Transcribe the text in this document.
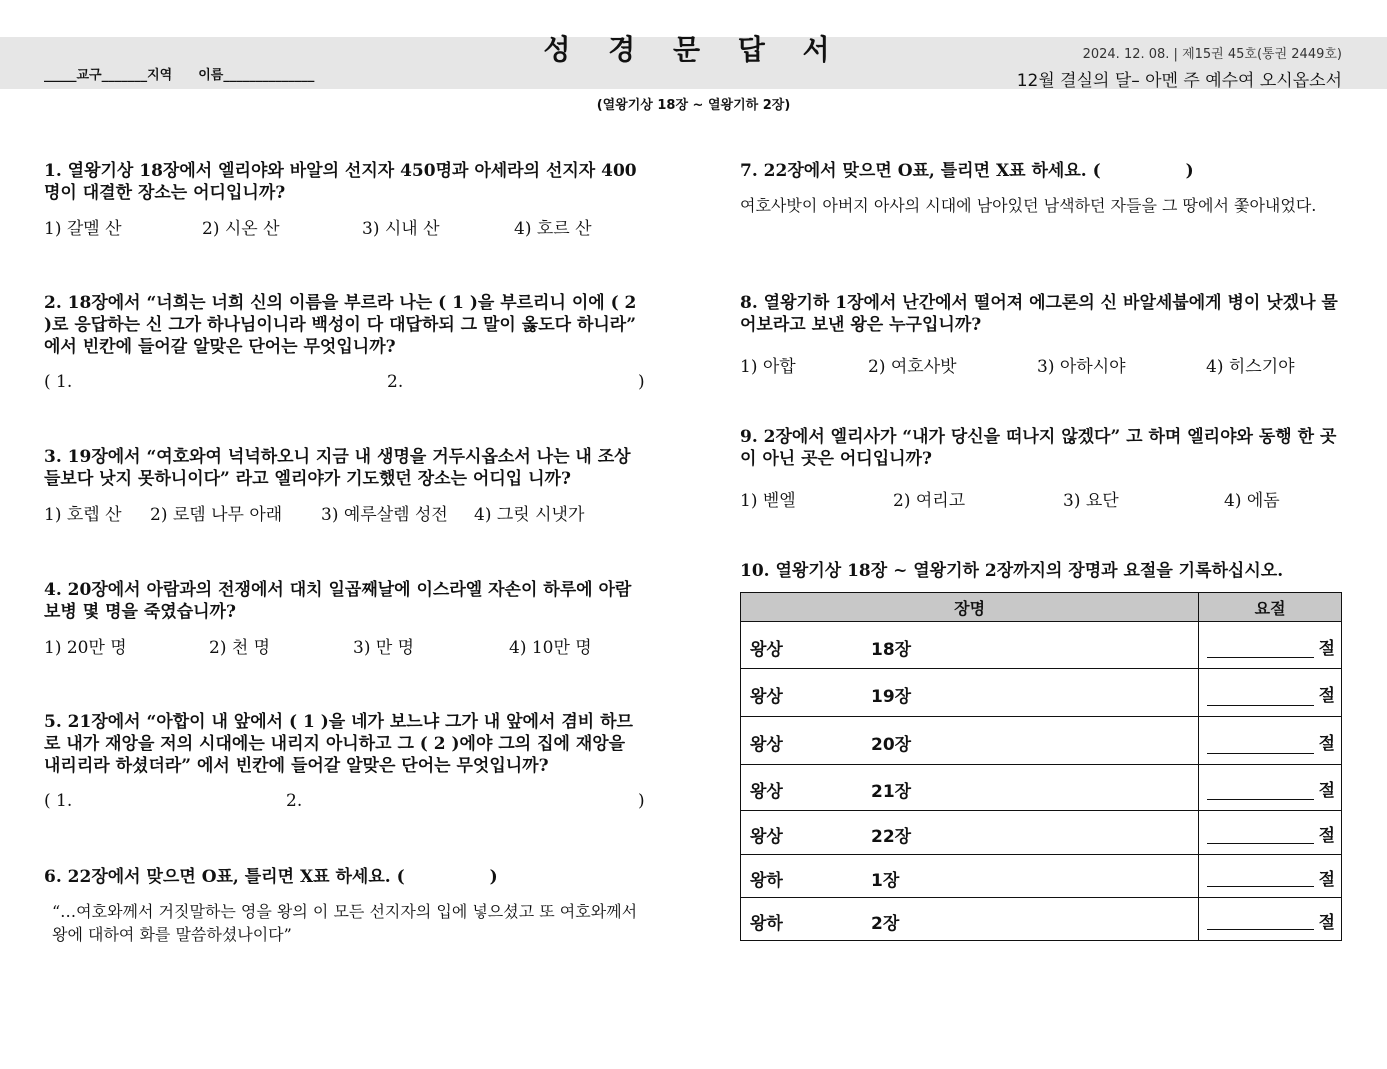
성 경 문 답 서
_____교구_______지역　　이름______________
2024. 12. 08. | 제15권 45호(통권 2449호)
12월 결실의 달– 아멘 주 예수여 오시옵소서
(열왕기상 18장 ~ 열왕기하 2장)
1. 열왕기상 18장에서 엘리야와 바알의 선지자 450명과 아세라의 선지자 400명이 대결한 장소는 어디입니까?
1) 갈멜 산	2) 시온 산	3) 시내 산	4) 호르 산
2. 18장에서 “너희는 너희 신의 이름을 부르라 나는 ( 1 )을 부르리니 이에 ( 2 )로 응답하는 신 그가 하나님이니라 백성이 다 대답하되 그 말이 옳도다 하니라” 에서 빈칸에 들어갈 알맞은 단어는 무엇입니까?
( 1.	2.	)
3. 19장에서 “여호와여 넉넉하오니 지금 내 생명을 거두시옵소서 나는 내 조상들보다 낫지 못하니이다” 라고 엘리야가 기도했던 장소는 어디입 니까?
1) 호렙 산	2) 로뎀 나무 아래	3) 예루살렘 성전	4) 그릿 시냇가
4. 20장에서 아람과의 전쟁에서 대치 일곱째날에 이스라엘 자손이 하루에 아람 보병 몇 명을 죽였습니까?
1) 20만 명	2) 천 명	3) 만 명	4) 10만 명
5. 21장에서 “아합이 내 앞에서 ( 1 )을 네가 보느냐 그가 내 앞에서 겸비 하므로 내가 재앙을 저의 시대에는 내리지 아니하고 그 ( 2 )에야 그의 집에 재앙을 내리리라 하셨더라” 에서 빈칸에 들어갈 알맞은 단어는 무엇입니까?
( 1.	2.	)
6. 22장에서 맞으면 O표, 틀리면 X표 하세요. (　　　　　)
“…여호와께서 거짓말하는 영을 왕의 이 모든 선지자의 입에 넣으셨고 또 여호와께서 왕에 대하여 화를 말씀하셨나이다”
7. 22장에서 맞으면 O표, 틀리면 X표 하세요. (　　　　　)
여호사밧이 아버지 아사의 시대에 남아있던 남색하던 자들을 그 땅에서 쫓아내었다.
8. 열왕기하 1장에서 난간에서 떨어져 에그론의 신 바알세붑에게 병이 낫겠나 물어보라고 보낸 왕은 누구입니까?
1) 아합	2) 여호사밧	3) 아하시야	4) 히스기야
9. 2장에서 엘리사가 “내가 당신을 떠나지 않겠다” 고 하며 엘리야와 동행 한 곳이 아닌 곳은 어디입니까?
1) 벧엘	2) 여리고	3) 요단	4) 에돔
10. 열왕기상 18장 ~ 열왕기하 2장까지의 장명과 요절을 기록하십시오.
장명	요절

왕상 18장	절

왕상 19장	절

왕상 20장	절

왕상 21장	절

왕상 22장	절

왕하 1장	절

왕하 2장	절
